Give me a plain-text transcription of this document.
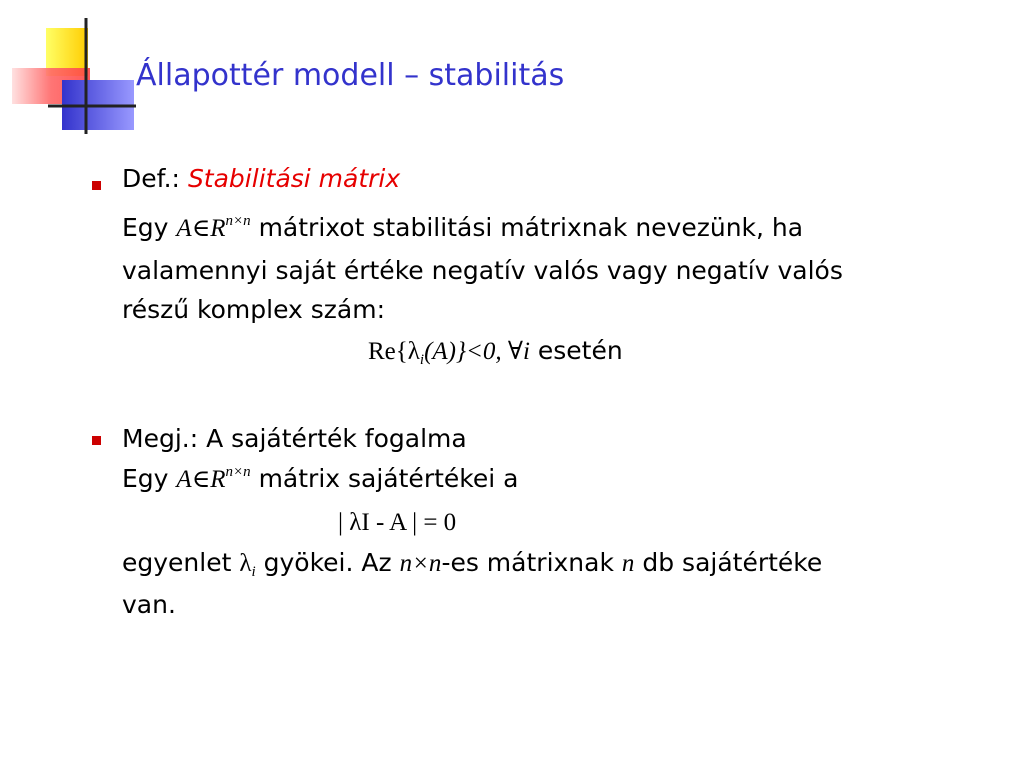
Állapottér modell – stabilitás
Def.: Stabilitási mátrix
Egy $A\in R^{n\times n}$ mátrixot stabilitási mátrixnak nevezünk, ha
valamennyi saját értéke negatív valós vagy negatív valós
részű komplex szám:
$Re\{\lambda_i(A)\}<0$, ∀i esetén
Megj.: A sajátérték fogalma
Egy $A\in R^{n\times n}$ mátrix sajátértékei a
| λI - A | = 0
egyenlet $\lambda_i$ gyökei. Az n×n-es mátrixnak n db sajátértéke
van.
